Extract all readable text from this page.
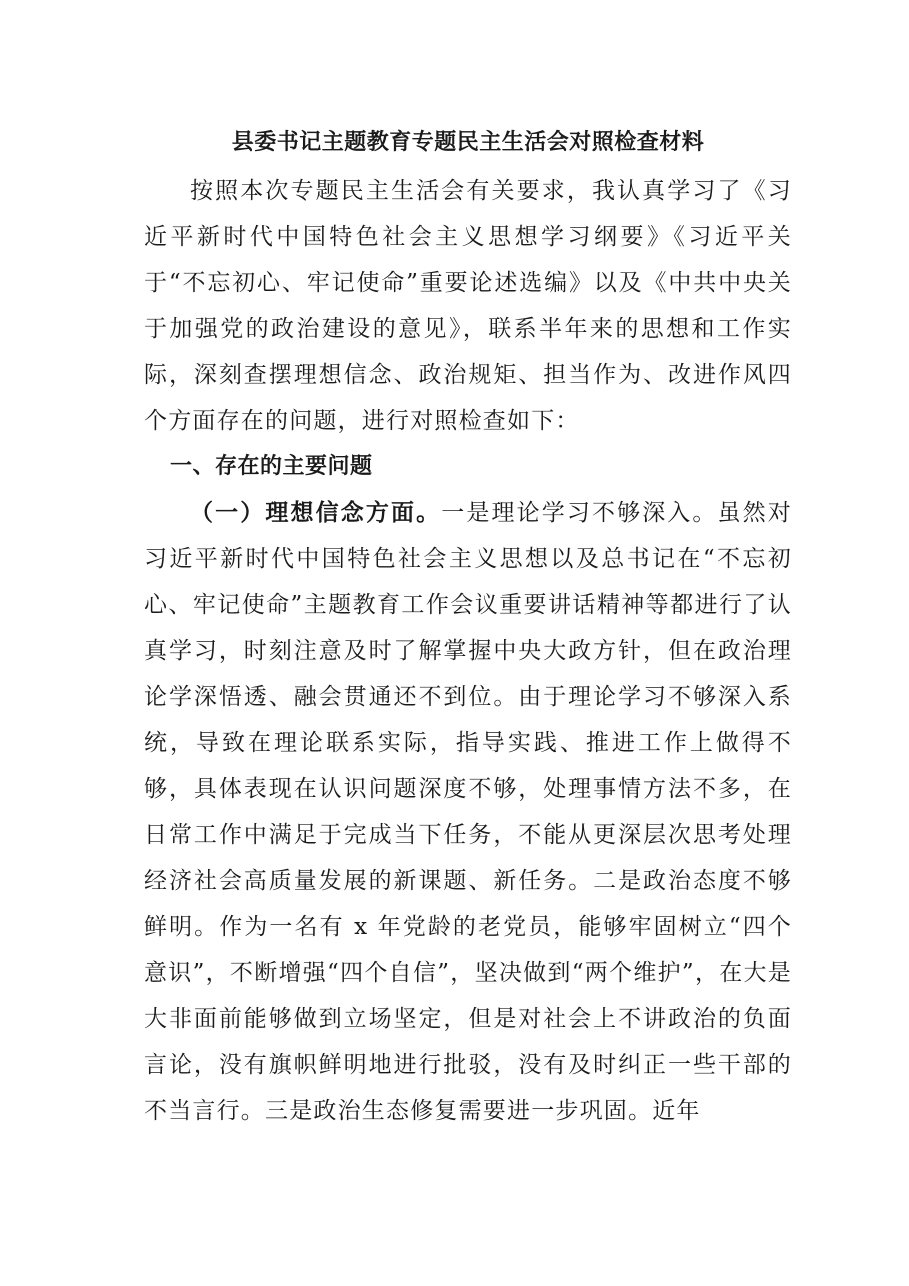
县委书记主题教育专题民主生活会对照检查材料

按照本次专题民主生活会有关要求，我认真学习了《习近平新时代中国特色社会主义思想学习纲要》《习近平关于“不忘初心、牢记使命”重要论述选编》以及《中共中央关于加强党的政治建设的意见》，联系半年来的思想和工作实际，深刻查摆理想信念、政治规矩、担当作为、改进作风四个方面存在的问题，进行对照检查如下：

一、存在的主要问题

（一）理想信念方面。一是理论学习不够深入。虽然对习近平新时代中国特色社会主义思想以及总书记在“不忘初心、牢记使命”主题教育工作会议重要讲话精神等都进行了认真学习，时刻注意及时了解掌握中央大政方针，但在政治理论学深悟透、融会贯通还不到位。由于理论学习不够深入系统，导致在理论联系实际，指导实践、推进工作上做得不够，具体表现在认识问题深度不够，处理事情方法不多，在日常工作中满足于完成当下任务，不能从更深层次思考处理经济社会高质量发展的新课题、新任务。二是政治态度不够鲜明。作为一名有 x 年党龄的老党员，能够牢固树立“四个意识”，不断增强“四个自信”，坚决做到“两个维护”，在大是大非面前能够做到立场坚定，但是对社会上不讲政治的负面言论，没有旗帜鲜明地进行批驳，没有及时纠正一些干部的不当言行。三是政治生态修复需要进一步巩固。近年
